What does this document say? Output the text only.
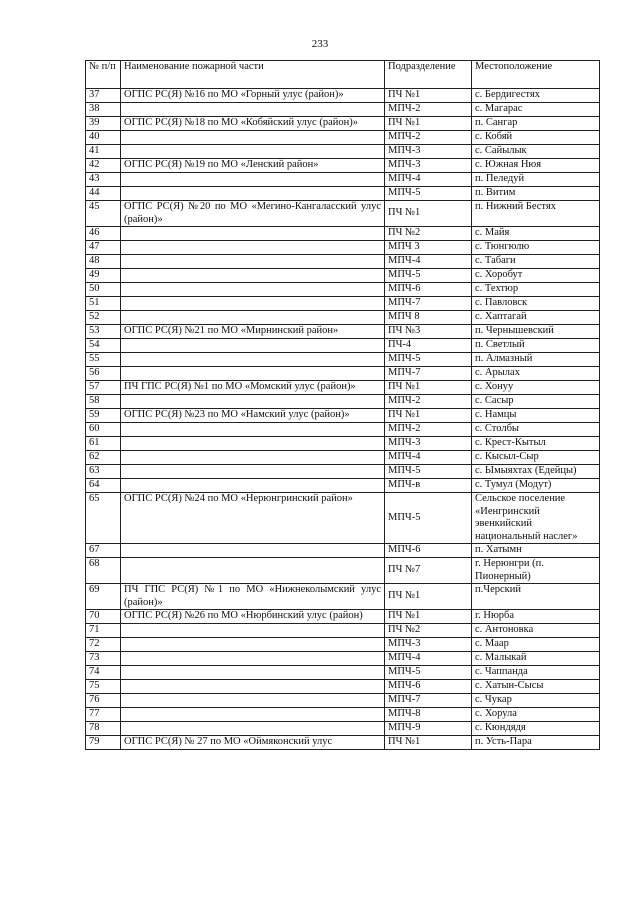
233
№ п/п	Наименование пожарной части	Подразделение	Местоположение
37	ОГПС РС(Я) №16 по МО «Горный улус (район)»	ПЧ №1	с. Бердигестях
38		МПЧ-2	с. Магарас
39	ОГПС РС(Я) №18 по МО «Кобяйский улус (район)»	ПЧ №1	п. Сангар
40		МПЧ-2	с. Кобяй
41		МПЧ-3	с. Сайылык
42	ОГПС РС(Я) №19 по МО «Ленский район»	МПЧ-3	с. Южная Нюя
43		МПЧ-4	п. Пеледуй
44		МПЧ-5	п. Витим
45	ОГПС РС(Я) №20 по МО «Мегино-Кангаласский улус (район)»	ПЧ №1	п. Нижний Бестях
46		ПЧ №2	с. Майя
47		МПЧ 3	с. Тюнгюлю
48		МПЧ-4	с. Табаги
49		МПЧ-5	с. Хоробут
50		МПЧ-6	с. Техтюр
51		МПЧ-7	с. Павловск
52		МПЧ 8	с. Хаптагай
53	ОГПС РС(Я) №21 по МО «Мирнинский район»	ПЧ №3	п. Чернышевский
54		ПЧ-4	п. Светлый
55		МПЧ-5	п. Алмазный
56		МПЧ-7	с. Арылах
57	ПЧ ГПС РС(Я) №1 по МО «Момский улус (район)»	ПЧ №1	с. Хонуу
58		МПЧ-2	с. Сасыр
59	ОГПС РС(Я) №23 по МО «Намский улус (район)»	ПЧ №1	с. Намцы
60		МПЧ-2	с. Столбы
61		МПЧ-3	с. Крест-Кытыл
62		МПЧ-4	с. Кысыл-Сыр
63		МПЧ-5	с. Ымыяхтах (Едейцы)
64		МПЧ-в	с. Тумул (Модут)
65	ОГПС РС(Я) №24 по МО «Нерюнгринский район»	МПЧ-5	Сельское поселение «Иенгринский эвенкийский национальный наслег»
67		МПЧ-6	п. Хатымн
68		ПЧ №7	г. Нерюнгри (п. Пионерный)
69	ПЧ ГПС РС(Я) №1 по МО «Нижнеколымский улус (район)»	ПЧ №1	п.Черский
70	ОГПС РС(Я) №26 по МО «Нюрбинский улус (район)	ПЧ №1	г. Нюрба
71		ПЧ №2	с. Антоновка
72		МПЧ-3	с. Маар
73		МПЧ-4	с. Малыкай
74		МПЧ-5	с. Чаппанда
75		МПЧ-6	с. Хатын-Сысы
76		МПЧ-7	с. Чукар
77		МПЧ-8	с. Хорула
78		МПЧ-9	с. Кюндядя
79	ОГПС РС(Я) № 27 по МО «Оймяконский улус	ПЧ №1	п. Усть-Пара
